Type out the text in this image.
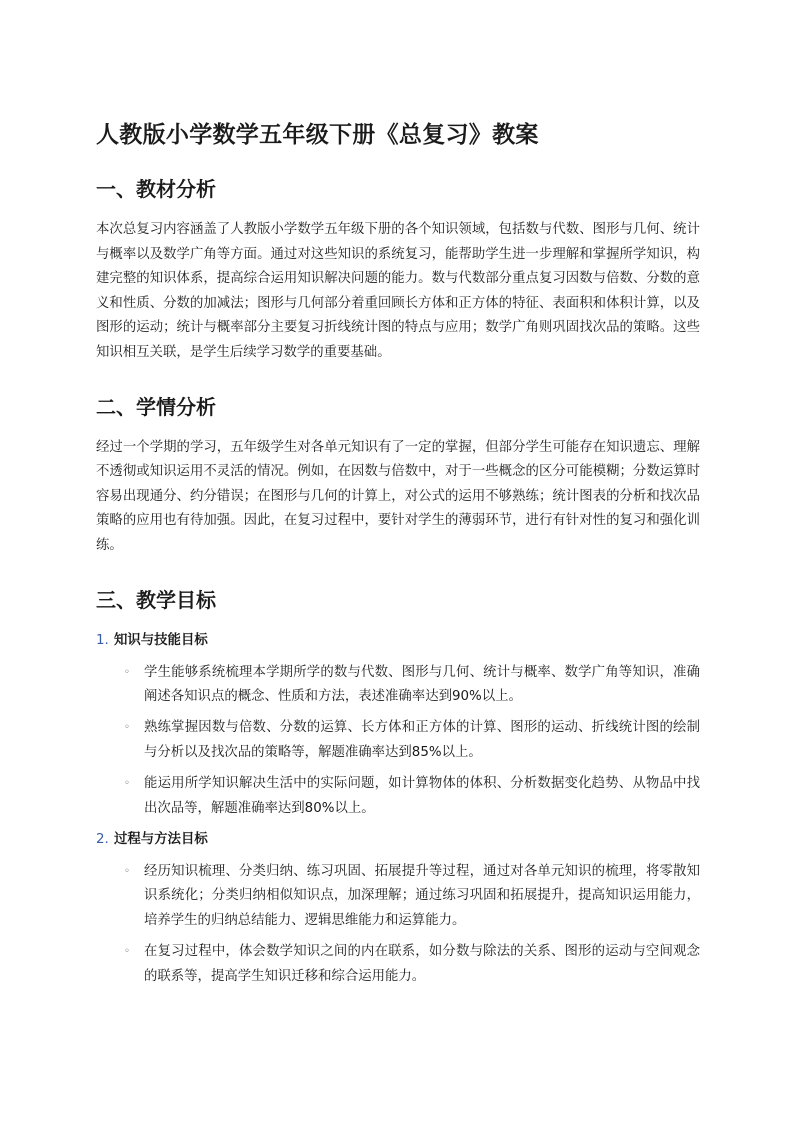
人教版小学数学五年级下册《总复习》教案
一、教材分析

本次总复习内容涵盖了人教版小学数学五年级下册的各个知识领域，包括数与代数、图形与几何、统计与概率以及数学广角等方面。通过对这些知识的系统复习，能帮助学生进一步理解和掌握所学知识，构建完整的知识体系，提高综合运用知识解决问题的能力。数与代数部分重点复习因数与倍数、分数的意义和性质、分数的加减法；图形与几何部分着重回顾长方体和正方体的特征、表面积和体积计算，以及图形的运动；统计与概率部分主要复习折线统计图的特点与应用；数学广角则巩固找次品的策略。这些知识相互关联，是学生后续学习数学的重要基础。

二、学情分析

经过一个学期的学习，五年级学生对各单元知识有了一定的掌握，但部分学生可能存在知识遗忘、理解不透彻或知识运用不灵活的情况。例如，在因数与倍数中，对于一些概念的区分可能模糊；分数运算时容易出现通分、约分错误；在图形与几何的计算上，对公式的运用不够熟练；统计图表的分析和找次品策略的应用也有待加强。因此，在复习过程中，要针对学生的薄弱环节，进行有针对性的复习和强化训练。

三、教学目标
1. 知识与技能目标
◦	学生能够系统梳理本学期所学的数与代数、图形与几何、统计与概率、数学广角等知识，准确阐述各知识点的概念、性质和方法，表述准确率达到90%以上。
◦	熟练掌握因数与倍数、分数的运算、长方体和正方体的计算、图形的运动、折线统计图的绘制与分析以及找次品的策略等，解题准确率达到85%以上。
◦	能运用所学知识解决生活中的实际问题，如计算物体的体积、分析数据变化趋势、从物品中找出次品等，解题准确率达到80%以上。
2. 过程与方法目标
◦	经历知识梳理、分类归纳、练习巩固、拓展提升等过程，通过对各单元知识的梳理，将零散知识系统化；分类归纳相似知识点，加深理解；通过练习巩固和拓展提升，提高知识运用能力，培养学生的归纳总结能力、逻辑思维能力和运算能力。
◦	在复习过程中，体会数学知识之间的内在联系，如分数与除法的关系、图形的运动与空间观念的联系等，提高学生知识迁移和综合运用能力。
